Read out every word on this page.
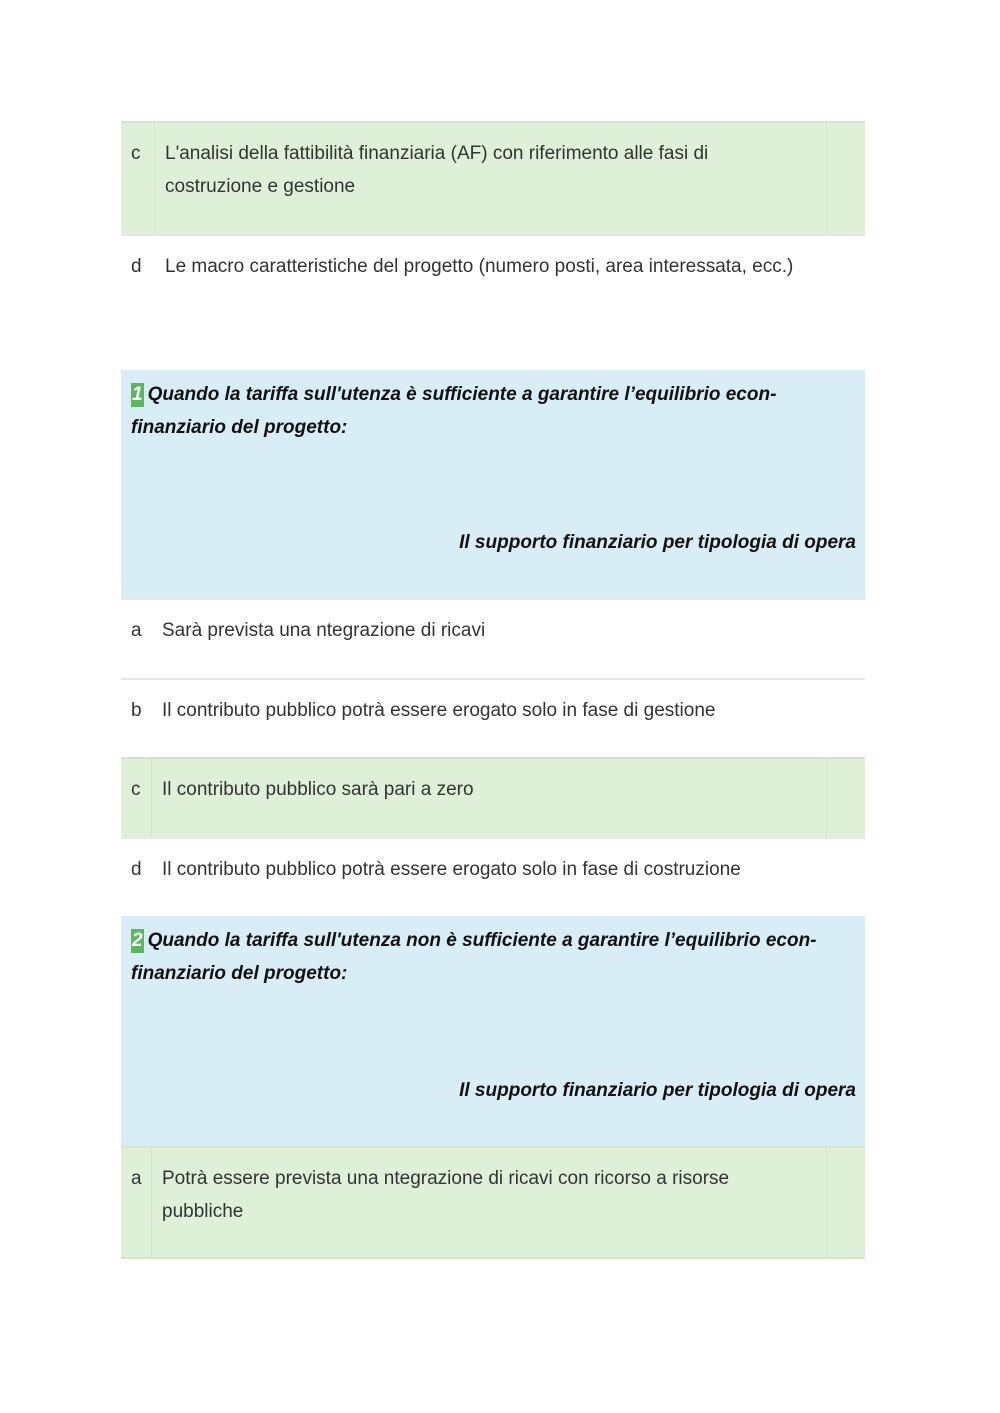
c L'analisi della fattibilità finanziaria (AF) con riferimento alle fasi di costruzione e gestione
d Le macro caratteristiche del progetto (numero posti, area interessata, ecc.)
1 Quando la tariffa sull'utenza è sufficiente a garantire l’equilibrio econ-finanziario del progetto:
Il supporto finanziario per tipologia di opera
a Sarà prevista una ntegrazione di ricavi
b Il contributo pubblico potrà essere erogato solo in fase di gestione
c Il contributo pubblico sarà pari a zero
d Il contributo pubblico potrà essere erogato solo in fase di costruzione
2 Quando la tariffa sull'utenza non è sufficiente a garantire l’equilibrio econ-finanziario del progetto:
Il supporto finanziario per tipologia di opera
a Potrà essere prevista una ntegrazione di ricavi con ricorso a risorse pubbliche
